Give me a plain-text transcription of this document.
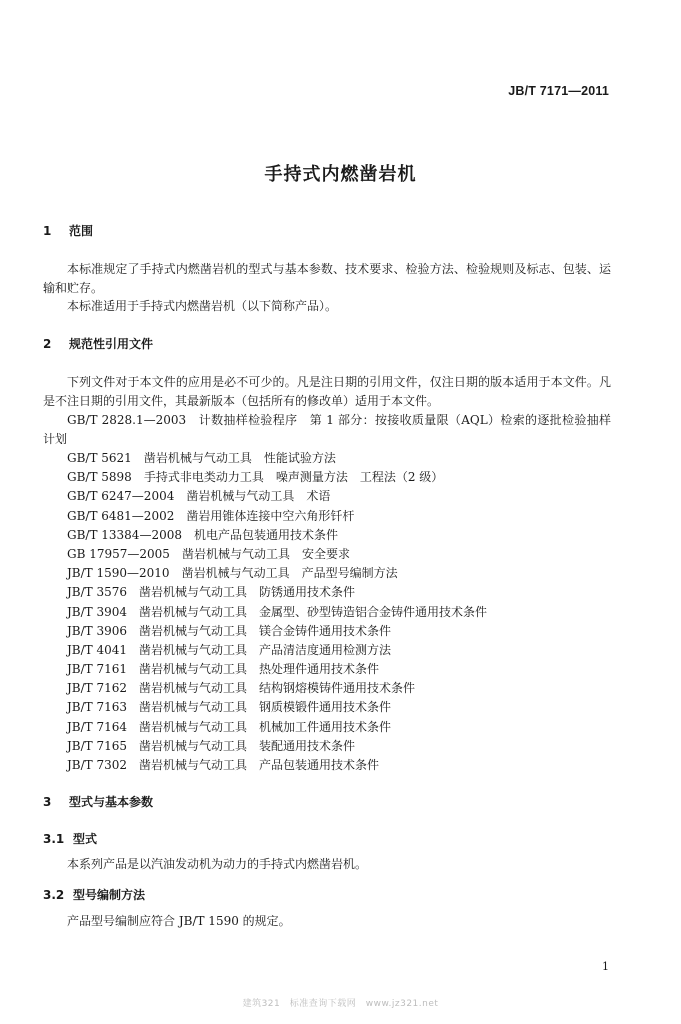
JB/T 7171—2011
手持式内燃凿岩机
1 范围

本标准规定了手持式内燃凿岩机的型式与基本参数、技术要求、检验方法、检验规则及标志、包装、运输和贮存。

本标准适用于手持式内燃凿岩机（以下简称产品）。

2 规范性引用文件

下列文件对于本文件的应用是必不可少的。凡是注日期的引用文件，仅注日期的版本适用于本文件。凡是不注日期的引用文件，其最新版本（包括所有的修改单）适用于本文件。

GB/T 2828.1—2003　计数抽样检验程序　第 1 部分：按接收质量限（AQL）检索的逐批检验抽样计划

GB/T 5621 凿岩机械与气动工具　性能试验方法
GB/T 5898 手持式非电类动力工具　噪声测量方法　工程法（2 级）
GB/T 6247—2004 凿岩机械与气动工具　术语
GB/T 6481—2002 凿岩用锥体连接中空六角形钎杆
GB/T 13384—2008 机电产品包装通用技术条件
GB 17957—2005 凿岩机械与气动工具　安全要求
JB/T 1590—2010 凿岩机械与气动工具　产品型号编制方法
JB/T 3576 凿岩机械与气动工具　防锈通用技术条件
JB/T 3904 凿岩机械与气动工具　金属型、砂型铸造铝合金铸件通用技术条件
JB/T 3906 凿岩机械与气动工具　镁合金铸件通用技术条件
JB/T 4041 凿岩机械与气动工具　产品清洁度通用检测方法
JB/T 7161 凿岩机械与气动工具　热处理件通用技术条件
JB/T 7162 凿岩机械与气动工具　结构钢熔模铸件通用技术条件
JB/T 7163 凿岩机械与气动工具　钢质模锻件通用技术条件
JB/T 7164 凿岩机械与气动工具　机械加工件通用技术条件
JB/T 7165 凿岩机械与气动工具　装配通用技术条件
JB/T 7302 凿岩机械与气动工具　产品包装通用技术条件
3 型式与基本参数
3.1 型式

本系列产品是以汽油发动机为动力的手持式内燃凿岩机。

3.2 型号编制方法

产品型号编制应符合 JB/T 1590 的规定。

1
建筑321　标准查询下载网　www.jz321.net
